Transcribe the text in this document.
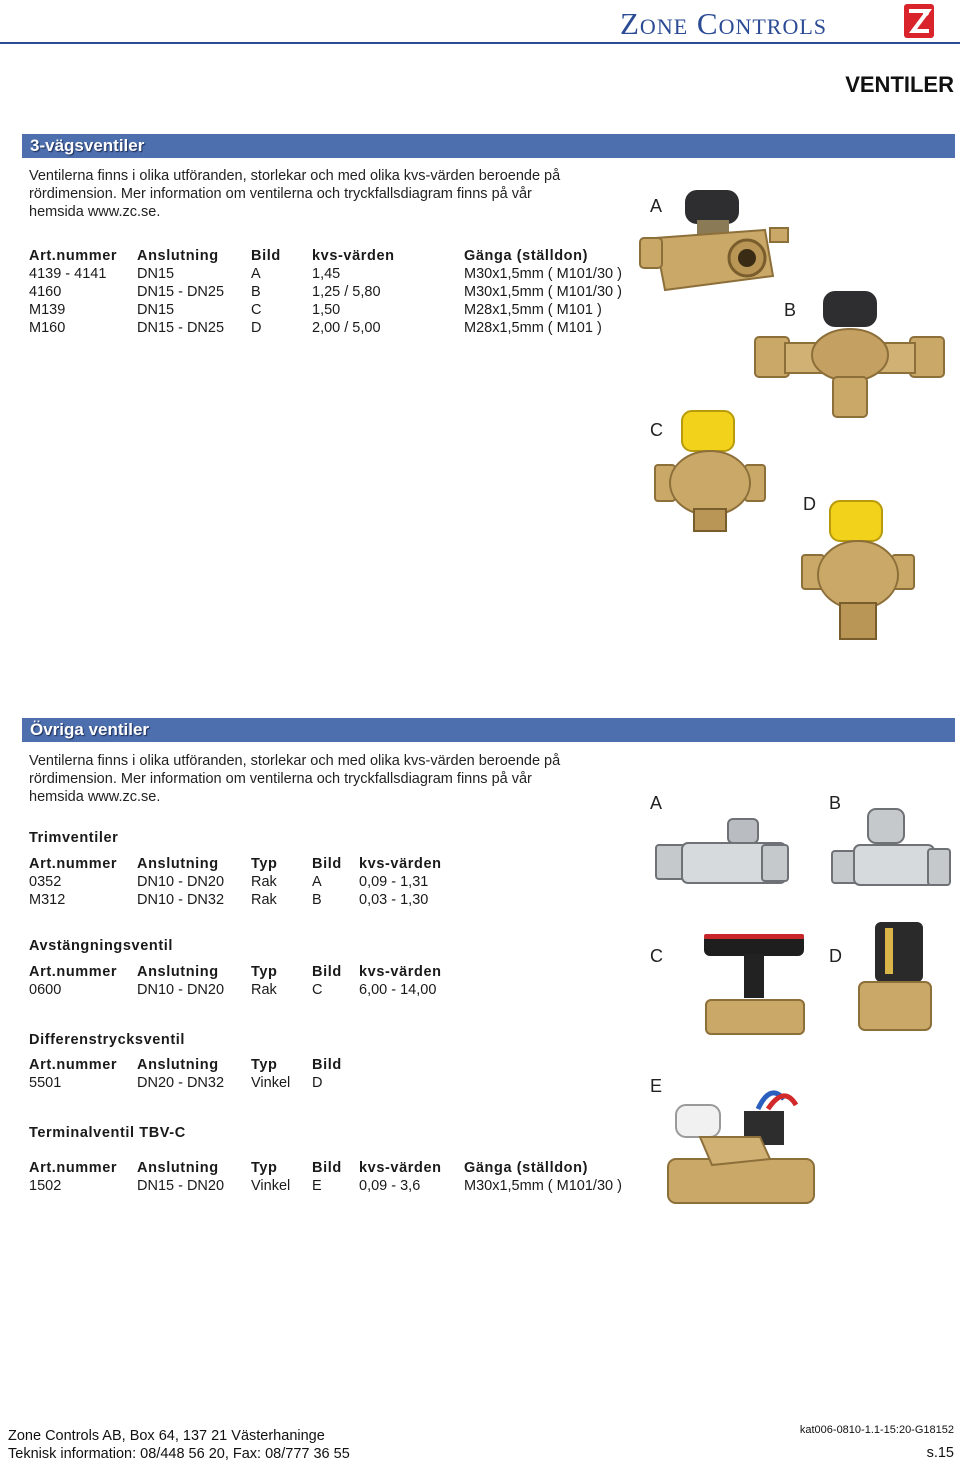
Zone Controls
VENTILER
3-vägsventiler
Ventilerna finns i olika utföranden, storlekar och med olika kvs-värden beroende på rördimension. Mer information om ventilerna och tryckfallsdiagram finns på vår hemsida www.zc.se.
Art.nummer Anslutning Bild kvs-värden	Gänga (ställdon)
4139 - 4141 DN15	A	1,45	M30x1,5mm ( M101/30 )
4160	DN15 - DN25 B	1,25 / 5,80	M30x1,5mm ( M101/30 )
M139	DN15	C	1,50	M28x1,5mm ( M101 )
M160	DN15 - DN25 D	2,00 / 5,00	M28x1,5mm ( M101 )
A
B
C
D
Övriga ventiler
Ventilerna finns i olika utföranden, storlekar och med olika kvs-värden beroende på rördimension. Mer information om ventilerna och tryckfallsdiagram finns på vår hemsida www.zc.se.	A	B
C	D
E
Trimventiler
Art.nummer Anslutning Typ Bild kvs-värden
0352	DN10 - DN20 Rak A	0,09 - 1,31
M312	DN10 - DN32 Rak B	0,03 - 1,30
Avstängningsventil
Art.nummer Anslutning Typ Bild kvs-värden
0600	DN10 - DN20 Rak C	6,00 - 14,00
Differenstrycksventil
Art.nummer Anslutning Typ Bild
5501	DN20 - DN32 Vinkel D
Terminalventil TBV-C
Art.nummer Anslutning Typ Bild kvs-värden Gänga (ställdon)
1502	DN15 - DN20 Vinkel E	0,09 - 3,6	M30x1,5mm ( M101/30 )
Zone Controls AB, Box 64, 137 21 Västerhaninge
Teknisk information: 08/448 56 20, Fax: 08/777 36 55
kat006-0810-1.1-15:20-G18152
s.15
